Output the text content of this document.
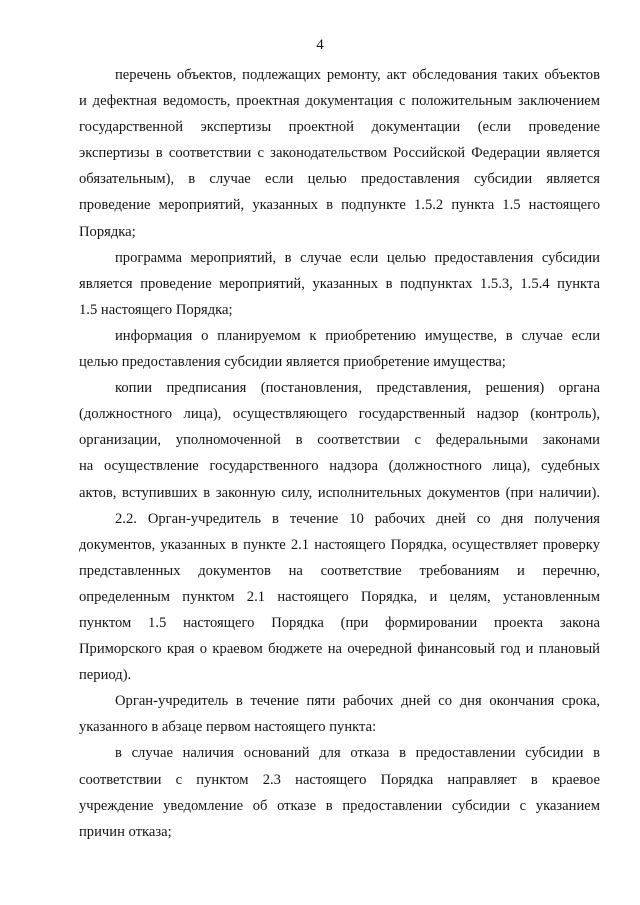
4
перечень объектов, подлежащих ремонту, акт обследования таких объектов
и дефектная ведомость, проектная документация с положительным заключением
государственной экспертизы проектной документации (если проведение
экспертизы в соответствии с законодательством Российской Федерации является
обязательным), в случае если целью предоставления субсидии является
проведение мероприятий, указанных в подпункте 1.5.2 пункта 1.5 настоящего
Порядка;
программа мероприятий, в случае если целью предоставления субсидии
является проведение мероприятий, указанных в подпунктах 1.5.3, 1.5.4 пункта
1.5 настоящего Порядка;
информация о планируемом к приобретению имуществе, в случае если
целью предоставления субсидии является приобретение имущества;
копии предписания (постановления, представления, решения) органа
(должностного лица), осуществляющего государственный надзор (контроль),
организации, уполномоченной в соответствии с федеральными законами
на осуществление государственного надзора (должностного лица), судебных
актов, вступивших в законную силу, исполнительных документов (при наличии).
2.2. Орган-учредитель в течение 10 рабочих дней со дня получения
документов, указанных в пункте 2.1 настоящего Порядка, осуществляет проверку
представленных документов на соответствие требованиям и перечню,
определенным пунктом 2.1 настоящего Порядка, и целям, установленным
пунктом 1.5 настоящего Порядка (при формировании проекта закона
Приморского края о краевом бюджете на очередной финансовый год и плановый
период).
Орган-учредитель в течение пяти рабочих дней со дня окончания срока,
указанного в абзаце первом настоящего пункта:
в случае наличия оснований для отказа в предоставлении субсидии в
соответствии с пунктом 2.3 настоящего Порядка направляет в краевое
учреждение уведомление об отказе в предоставлении субсидии с указанием
причин отказа;
